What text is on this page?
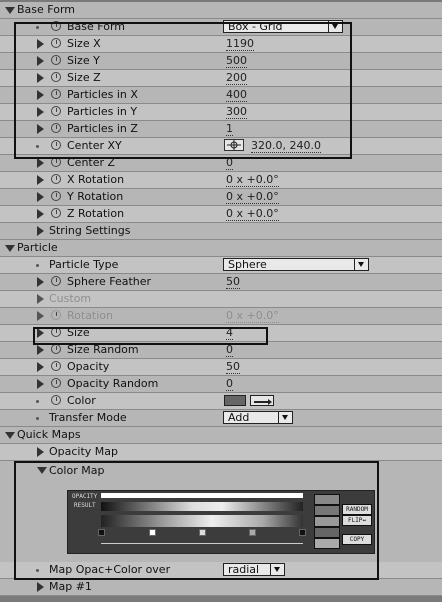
Base Form
Base Form	Box - Grid
Size X	1190
Size Y	500
Size Z	200
Particles in X	400
Particles in Y	300
Particles in Z	1
Center XY	320.0, 240.0
Center Z	0
X Rotation	0 x +0.0°
Y Rotation	0 x +0.0°
Z Rotation	0 x +0.0°
String Settings
Particle
Particle Type	Sphere
Sphere Feather	50
Custom
Rotation	0 x +0.0°
Size	4
Size Random	0
Opacity	50
Opacity Random	0
Color
Transfer Mode	Add
Quick Maps
Opacity Map
Color Map
OPACITY
RESULT
RANDOM
FLIP↔
COPY
Map Opac+Color over	radial
Map #1
